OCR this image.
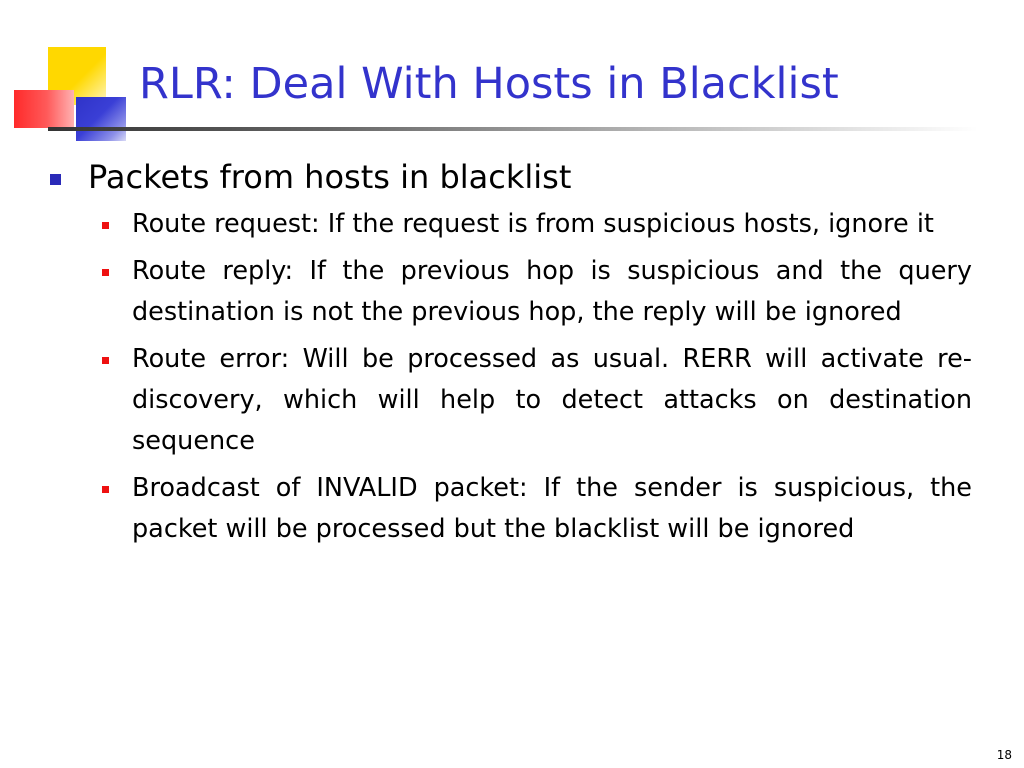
RLR: Deal With Hosts in Blacklist
Packets from hosts in blacklist
Route request: If the request is from suspicious hosts, ignore it
Route reply: If the previous hop is suspicious and the query destination is not the previous hop, the reply will be ignored
Route error: Will be processed as usual. RERR will activate re-discovery, which will help to detect attacks on destination sequence
Broadcast of INVALID packet: If the sender is suspicious, the packet will be processed but the blacklist will be ignored
18
